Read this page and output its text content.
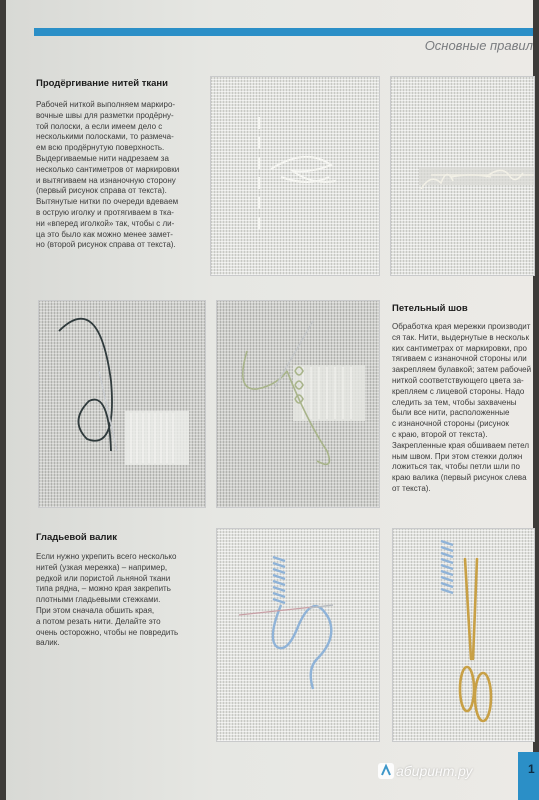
Основные правил
Продёргивание нитей ткани
Рабочей ниткой выполняем маркиро-
вочные швы для разметки продёрну-
той полоски, а если имеем дело с
несколькими полосками, то размеча-
ем всю продёрнутую поверхность.
Выдергиваемые нити надрезаем за
несколько сантиметров от маркировки
и вытягиваем на изнаночную сторону
(первый рисунок справа от текста).
Вытянутые нитки по очереди вдеваем
в острую иголку и протягиваем в тка-
ни «вперед иголкой» так, чтобы с ли-
ца это было как можно менее замет-
но (второй рисунок справа от текста).
Петельный шов
Обработка края мережки производит
ся так. Нити, выдернутые в нескольк
ких сантиметрах от маркировки, про
тягиваем с изнаночной стороны или
закрепляем булавкой; затем рабочей
ниткой соответствующего цвета за-
крепляем с лицевой стороны. Надо
следить за тем, чтобы захвачены
были все нити, расположенные
с изнаночной стороны (рисунок
с краю, второй от текста).
Закрепленные края обшиваем петел
ным швом. При этом стежки должн
ложиться так, чтобы петли шли по
краю валика (первый рисунок слева
от текста).
Гладьевой валик
Если нужно укрепить всего несколько
нитей (узкая мережка) – например,
редкой или пористой льняной ткани
типа рядна, – можно края закрепить
плотными гладьевыми стежками.
При этом сначала обшить края,
а потом резать нити. Делайте это
очень осторожно, чтобы не повредить
валик.
абиринт.ру	1
